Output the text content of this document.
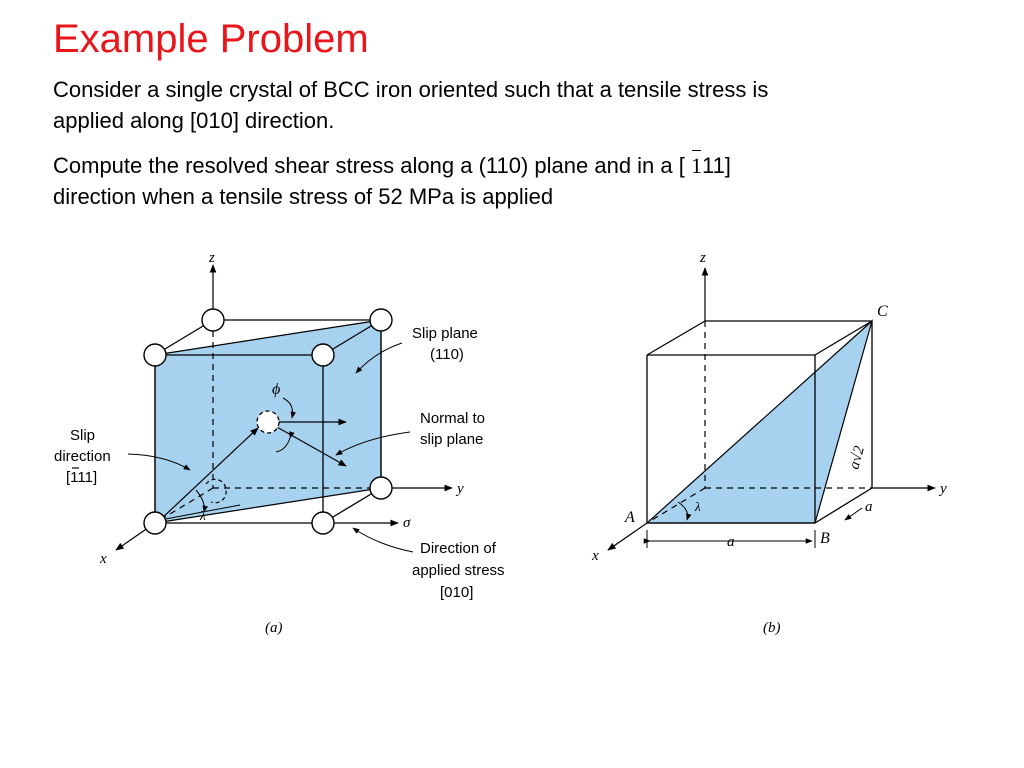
Example Problem
Consider a single crystal of BCC iron oriented such that a tensile stress is
applied along [010] direction.
Compute the resolved shear stress along a (110) plane and in a [ 111]
direction when a tensile stress of 52 MPa is applied
z
y
x
σ
ϕ
λ
Slip plane
(110)
Normal to
slip plane
Slip
direction
[111]
Direction of
applied stress
[010]
(a)
z
y
x
A
B
C
a
a
a√2
λ
(b)
